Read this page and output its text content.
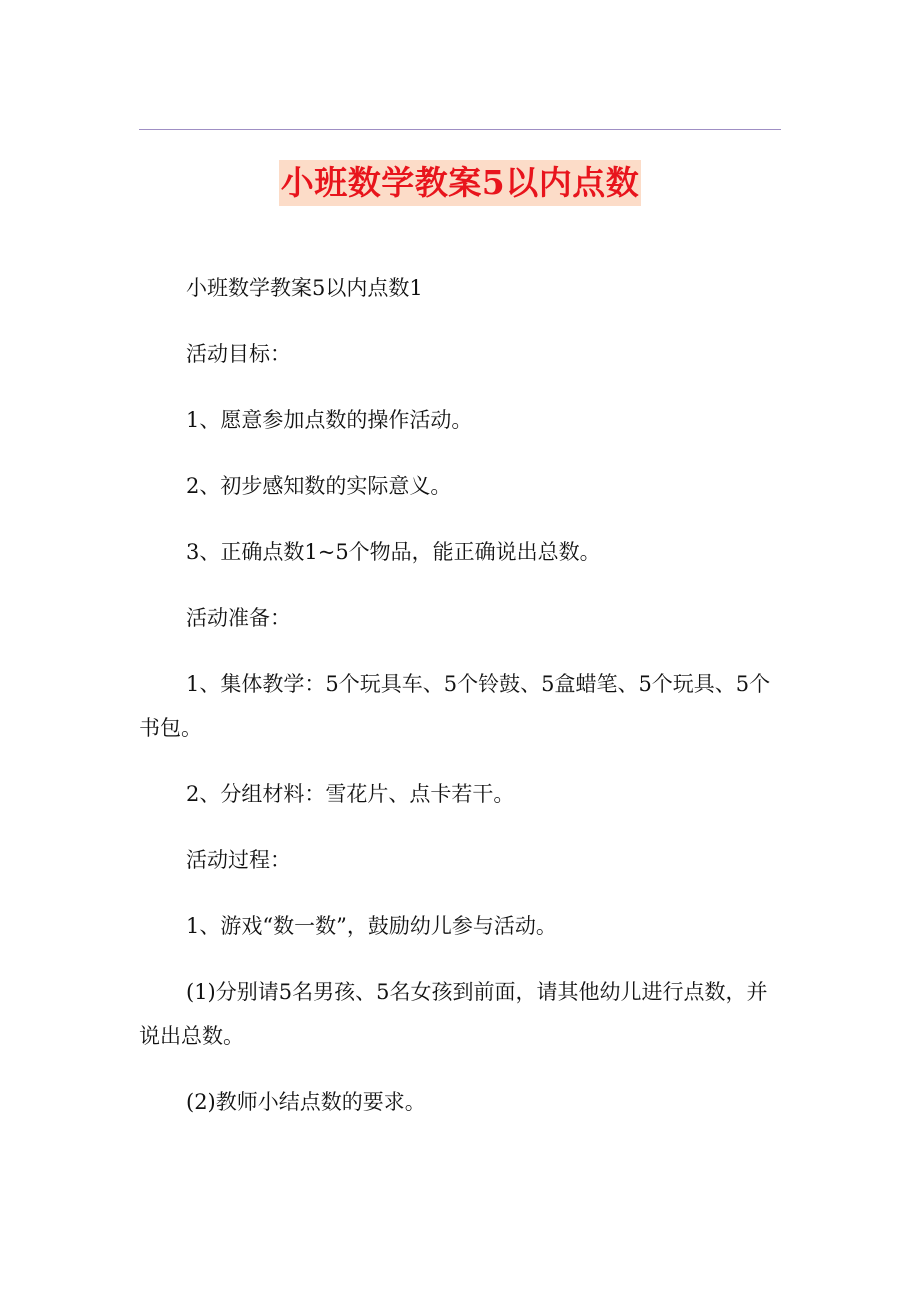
小班数学教案5以内点数

小班数学教案5以内点数1

活动目标：

1、愿意参加点数的操作活动。

2、初步感知数的实际意义。

3、正确点数1~5个物品，能正确说出总数。

活动准备：

1、集体教学：5个玩具车、5个铃鼓、5盒蜡笔、5个玩具、5个书包。

2、分组材料：雪花片、点卡若干。

活动过程：

1、游戏“数一数”，鼓励幼儿参与活动。

(1)分别请5名男孩、5名女孩到前面，请其他幼儿进行点数，并说出总数。

(2)教师小结点数的要求。
